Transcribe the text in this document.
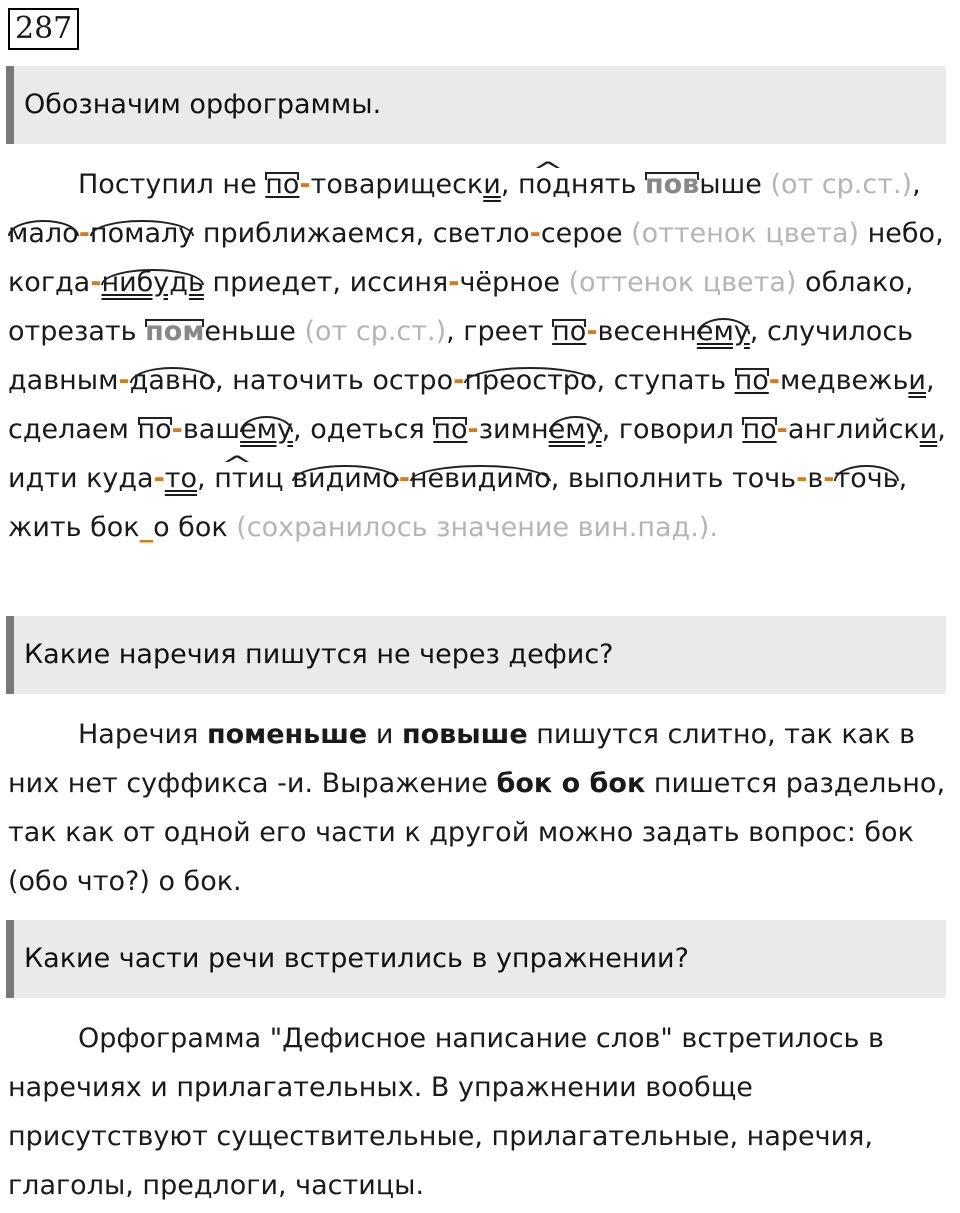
287
Обозначим орфограммы.

Поступил не по-товарищеск^ и, поднять повыше (от ср.ст.), мало-помалу приближаемся, светло-серое (оттенок цвета) небо, когда-нибудь приедет, иссиня-чёрное (оттенок цвета) облако, отрезать поменьше (от ср.ст.), греет по-весеннему, случилось давным-давно, наточить остро-преостро, ступать по-медвежь^ и, сделаем по-вашему, одеться по-зимнему, говорил по-английск^ и, идти куда-^ то, птиц видимо-невидимо, выполнить точь-в-точь, жить бок_о бок (сохранилось значение вин.пад.).

Какие наречия пишутся не через дефис?

Наречия поменьше и повыше пишутся слитно, так как в них нет суффикса -и. Выражение бок о бок пишется раздельно, так как от одной его части к другой можно задать вопрос: бок (обо что?) о бок.

Какие части речи встретились в упражнении?

Орфограмма "Дефисное написание слов" встретилось в наречиях и прилагательных. В упражнении вообще присутствуют существительные, прилагательные, наречия, глаголы, предлоги, частицы.
